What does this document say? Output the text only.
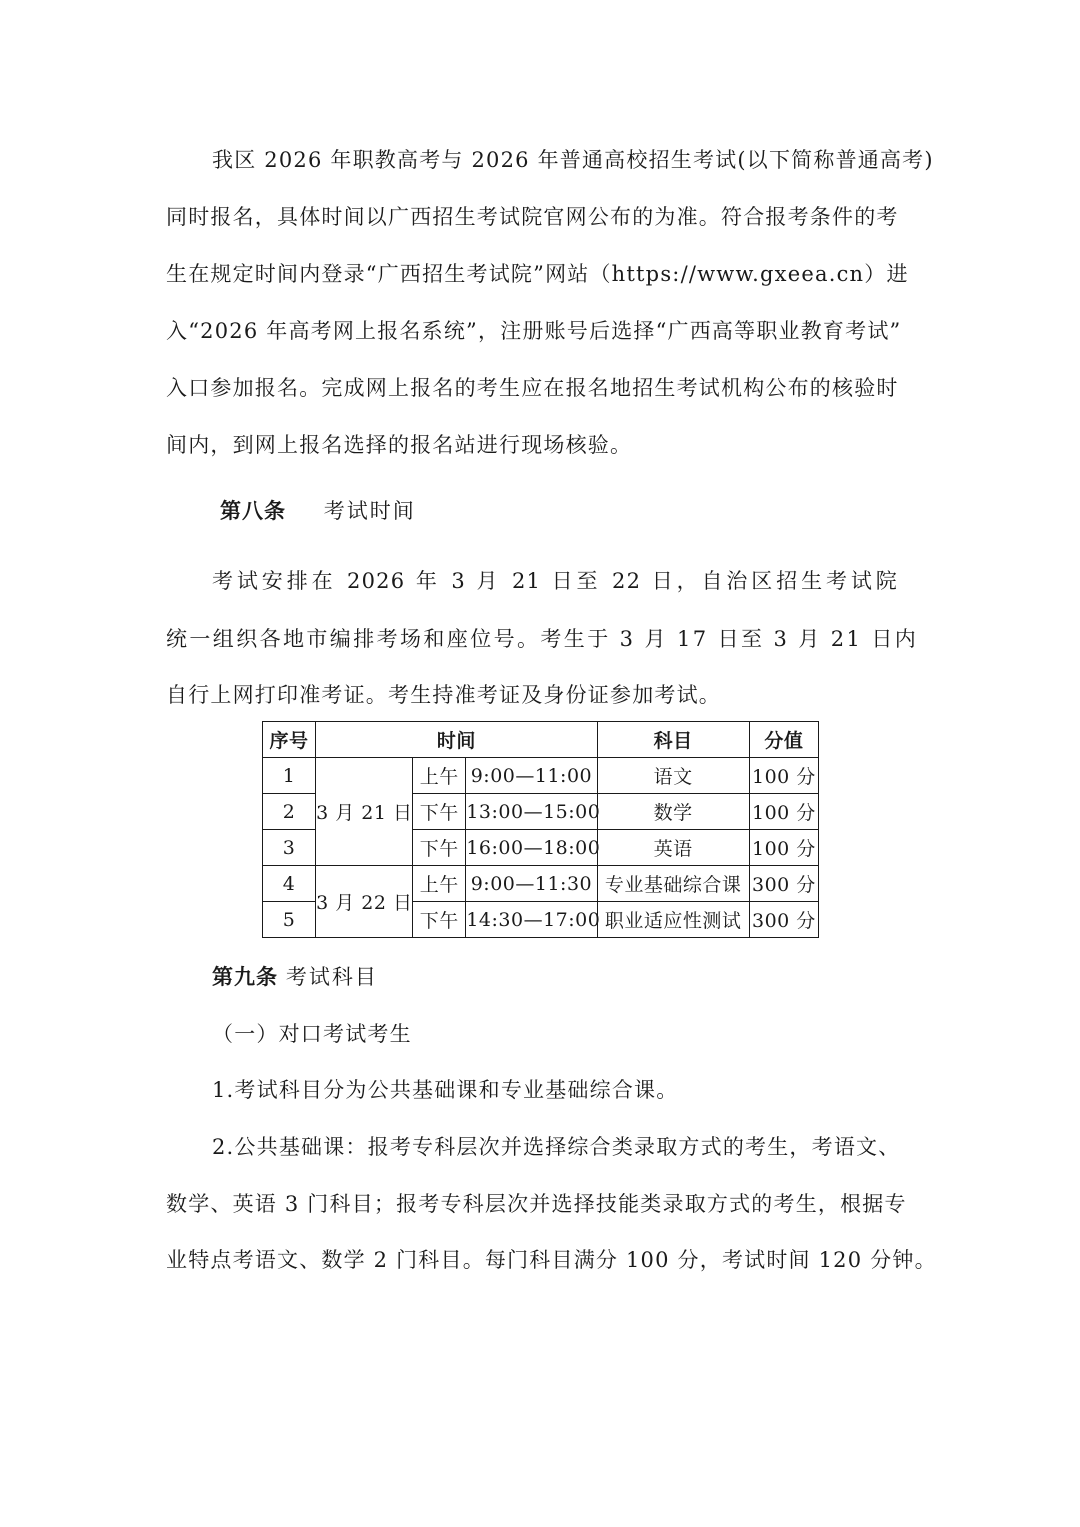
我区 2026 年职教高考与 2026 年普通高校招生考试(以下简称普通高考)
同时报名，具体时间以广西招生考试院官网公布的为准。符合报考条件的考
生在规定时间内登录“广西招生考试院”网站（https://www.gxeea.cn）进
入“2026 年高考网上报名系统”，注册账号后选择“广西高等职业教育考试”
入口参加报名。完成网上报名的考生应在报名地招生考试机构公布的核验时
间内，到网上报名选择的报名站进行现场核验。
第八条 考试时间
考试安排在 2026 年 3 月 21 日至 22 日，自治区招生考试院
统一组织各地市编排考场和座位号。考生于 3 月 17 日至 3 月 21 日内
自行上网打印准考证。考生持准考证及身份证参加考试。
序号	时间			科目	分值
1	3 月 21 日	上午	9:00—11:00	语文	100 分
2		下午	13:00—15:00	数学	100 分
3		下午	16:00—18:00	英语	100 分
4	3 月 22 日	上午	9:00—11:30	专业基础综合课	300 分
5		下午	14:30—17:00	职业适应性测试	300 分
第九条 考试科目
（一）对口考试考生
1.考试科目分为公共基础课和专业基础综合课。
2.公共基础课：报考专科层次并选择综合类录取方式的考生，考语文、
数学、英语 3 门科目；报考专科层次并选择技能类录取方式的考生，根据专
业特点考语文、数学 2 门科目。每门科目满分 100 分，考试时间 120 分钟。
